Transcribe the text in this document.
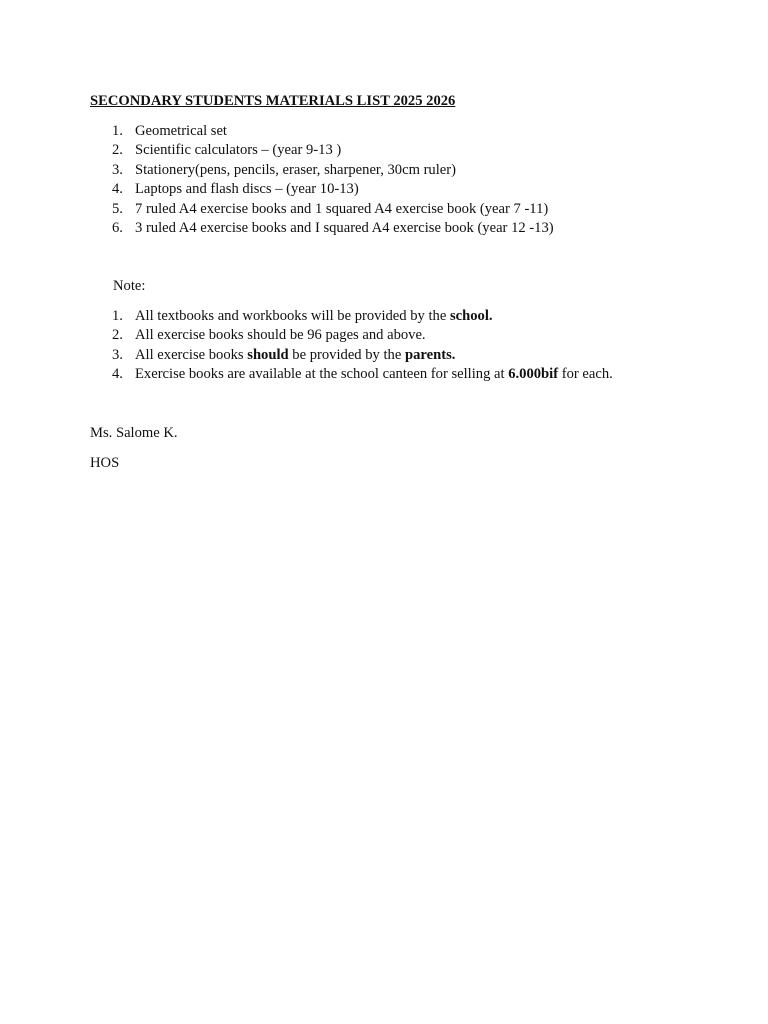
SECONDARY STUDENTS MATERIALS LIST 2025 2026
1. Geometrical set
2. Scientific calculators – (year 9-13 )
3. Stationery(pens, pencils, eraser, sharpener, 30cm ruler)
4. Laptops and flash discs – (year 10-13)
5. 7 ruled A4 exercise books and 1 squared A4 exercise book (year 7 -11)
6. 3 ruled A4 exercise books and I squared A4 exercise book (year 12 -13)
Note:
1. All textbooks and workbooks will be provided by the school.
2. All exercise books should be 96 pages and above.
3. All exercise books should be provided by the parents.
4. Exercise books are available at the school canteen for selling at 6.000bif for each.
Ms. Salome K.
HOS
